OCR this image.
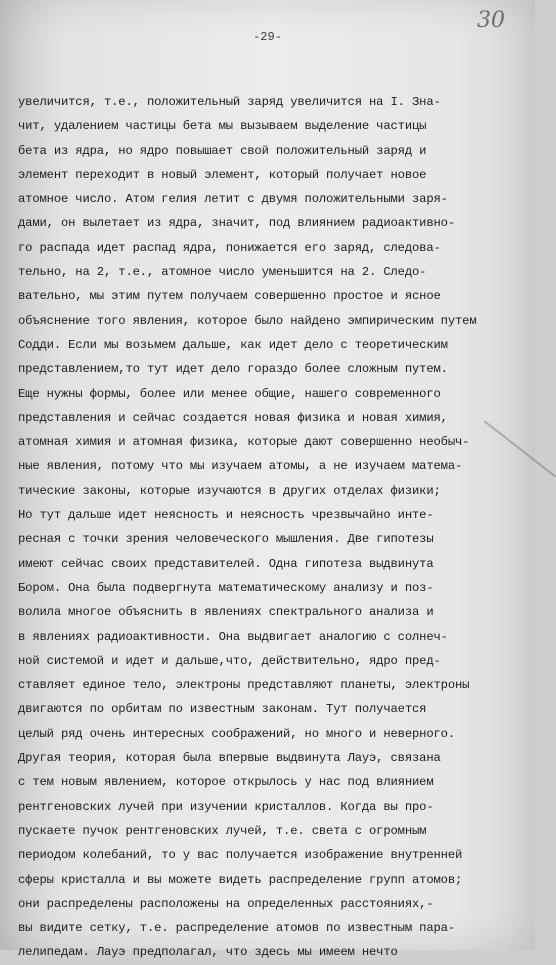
30
-29-
увеличится, т.е., положительный заряд увеличится на I. Зна-
чит, удалением частицы бета мы вызываем выделение частицы
бета из ядра, но ядро повышает свой положительный заряд и
элемент переходит в новый элемент, который получает новое
атомное число. Атом гелия летит с двумя положительными заря-
дами, он вылетает из ядра, значит, под влиянием радиоактивно-
го распада идет распад ядра, понижается его заряд, следова-
тельно, на 2, т.е., атомное число уменьшится на 2. Следо-
вательно, мы этим путем получаем совершенно простое и ясное
объяснение того явления, которое было найдено эмпирическим путем
Содди. Если мы возьмем дальше, как идет дело с теоретическим
представлением,то тут идет дело гораздо более сложным путем.
Еще нужны формы, более или менее общие, нашего современного
представления и сейчас создается новая физика и новая химия,
атомная химия и атомная физика, которые дают совершенно необыч-
ные явления, потому что мы изучаем атомы, а не изучаем матема-
тические законы, которые изучаются в других отделах физики;
Но тут дальше идет неясность и неясность чрезвычайно инте-
ресная с точки зрения человеческого мышления. Две гипотезы
имеют сейчас своих представителей. Одна гипотеза выдвинута
Бором. Она была подвергнута математическому анализу и поз-
волила многое объяснить в явлениях спектрального анализа и
в явлениях радиоактивности. Она выдвигает аналогию с солнеч-
ной системой и идет и дальше,что, действительно, ядро пред-
ставляет единое тело, электроны представляют планеты, электроны
двигаются по орбитам по известным законам. Тут получается
целый ряд очень интересных соображений, но много и неверного.
Другая теория, которая была впервые выдвинута Лауэ, связана
с тем новым явлением, которое открылось у нас под влиянием
рентгеновских лучей при изучении кристаллов. Когда вы про-
пускаете пучок рентгеновских лучей, т.е. света с огромным
периодом колебаний, то у вас получается изображение внутренней
сферы кристалла и вы можете видеть распределение групп атомов;
они распределены расположены на определенных расстояниях,-
вы видите сетку, т.е. распределение атомов по известным пара-
лелипедам. Лауэ предполагал, что здесь мы имеем нечто
